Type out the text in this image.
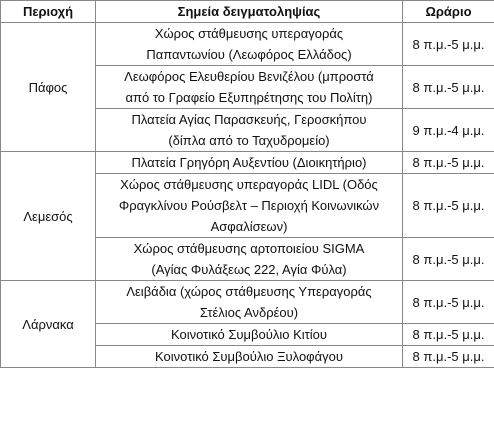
Περιοχή	Σημεία δειγματοληψίας	Ωράριο
Πάφος	Χώρος στάθμευσης υπεραγοράς
Παπαντωνίου (Λεωφόρος Ελλάδος)	8 π.μ.-5 μ.μ.
	Λεωφόρος Ελευθερίου Βενιζέλου (μπροστά
από το Γραφείο Εξυπηρέτησης του Πολίτη)	8 π.μ.-5 μ.μ.
	Πλατεία Αγίας Παρασκευής, Γεροσκήπου
(δίπλα από το Ταχυδρομείο)	9 π.μ.-4 μ.μ.
Λεμεσός	Πλατεία Γρηγόρη Αυξεντίου (Διοικητήριο)	8 π.μ.-5 μ.μ.
	Χώρος στάθμευσης υπεραγοράς LIDL (Οδός
Φραγκλίνου Ρούσβελτ – Περιοχή Κοινωνικών
Ασφαλίσεων)	8 π.μ.-5 μ.μ.
	Χώρος στάθμευσης αρτοποιείου SIGMA
(Αγίας Φυλάξεως 222, Αγία Φύλα)	8 π.μ.-5 μ.μ.
Λάρνακα	Λειβάδια (χώρος στάθμευσης Υπεραγοράς
Στέλιος Ανδρέου)	8 π.μ.-5 μ.μ.
	Κοινοτικό Συμβούλιο Κιτίου	8 π.μ.-5 μ.μ.
	Κοινοτικό Συμβούλιο Ξυλοφάγου	8 π.μ.-5 μ.μ.
